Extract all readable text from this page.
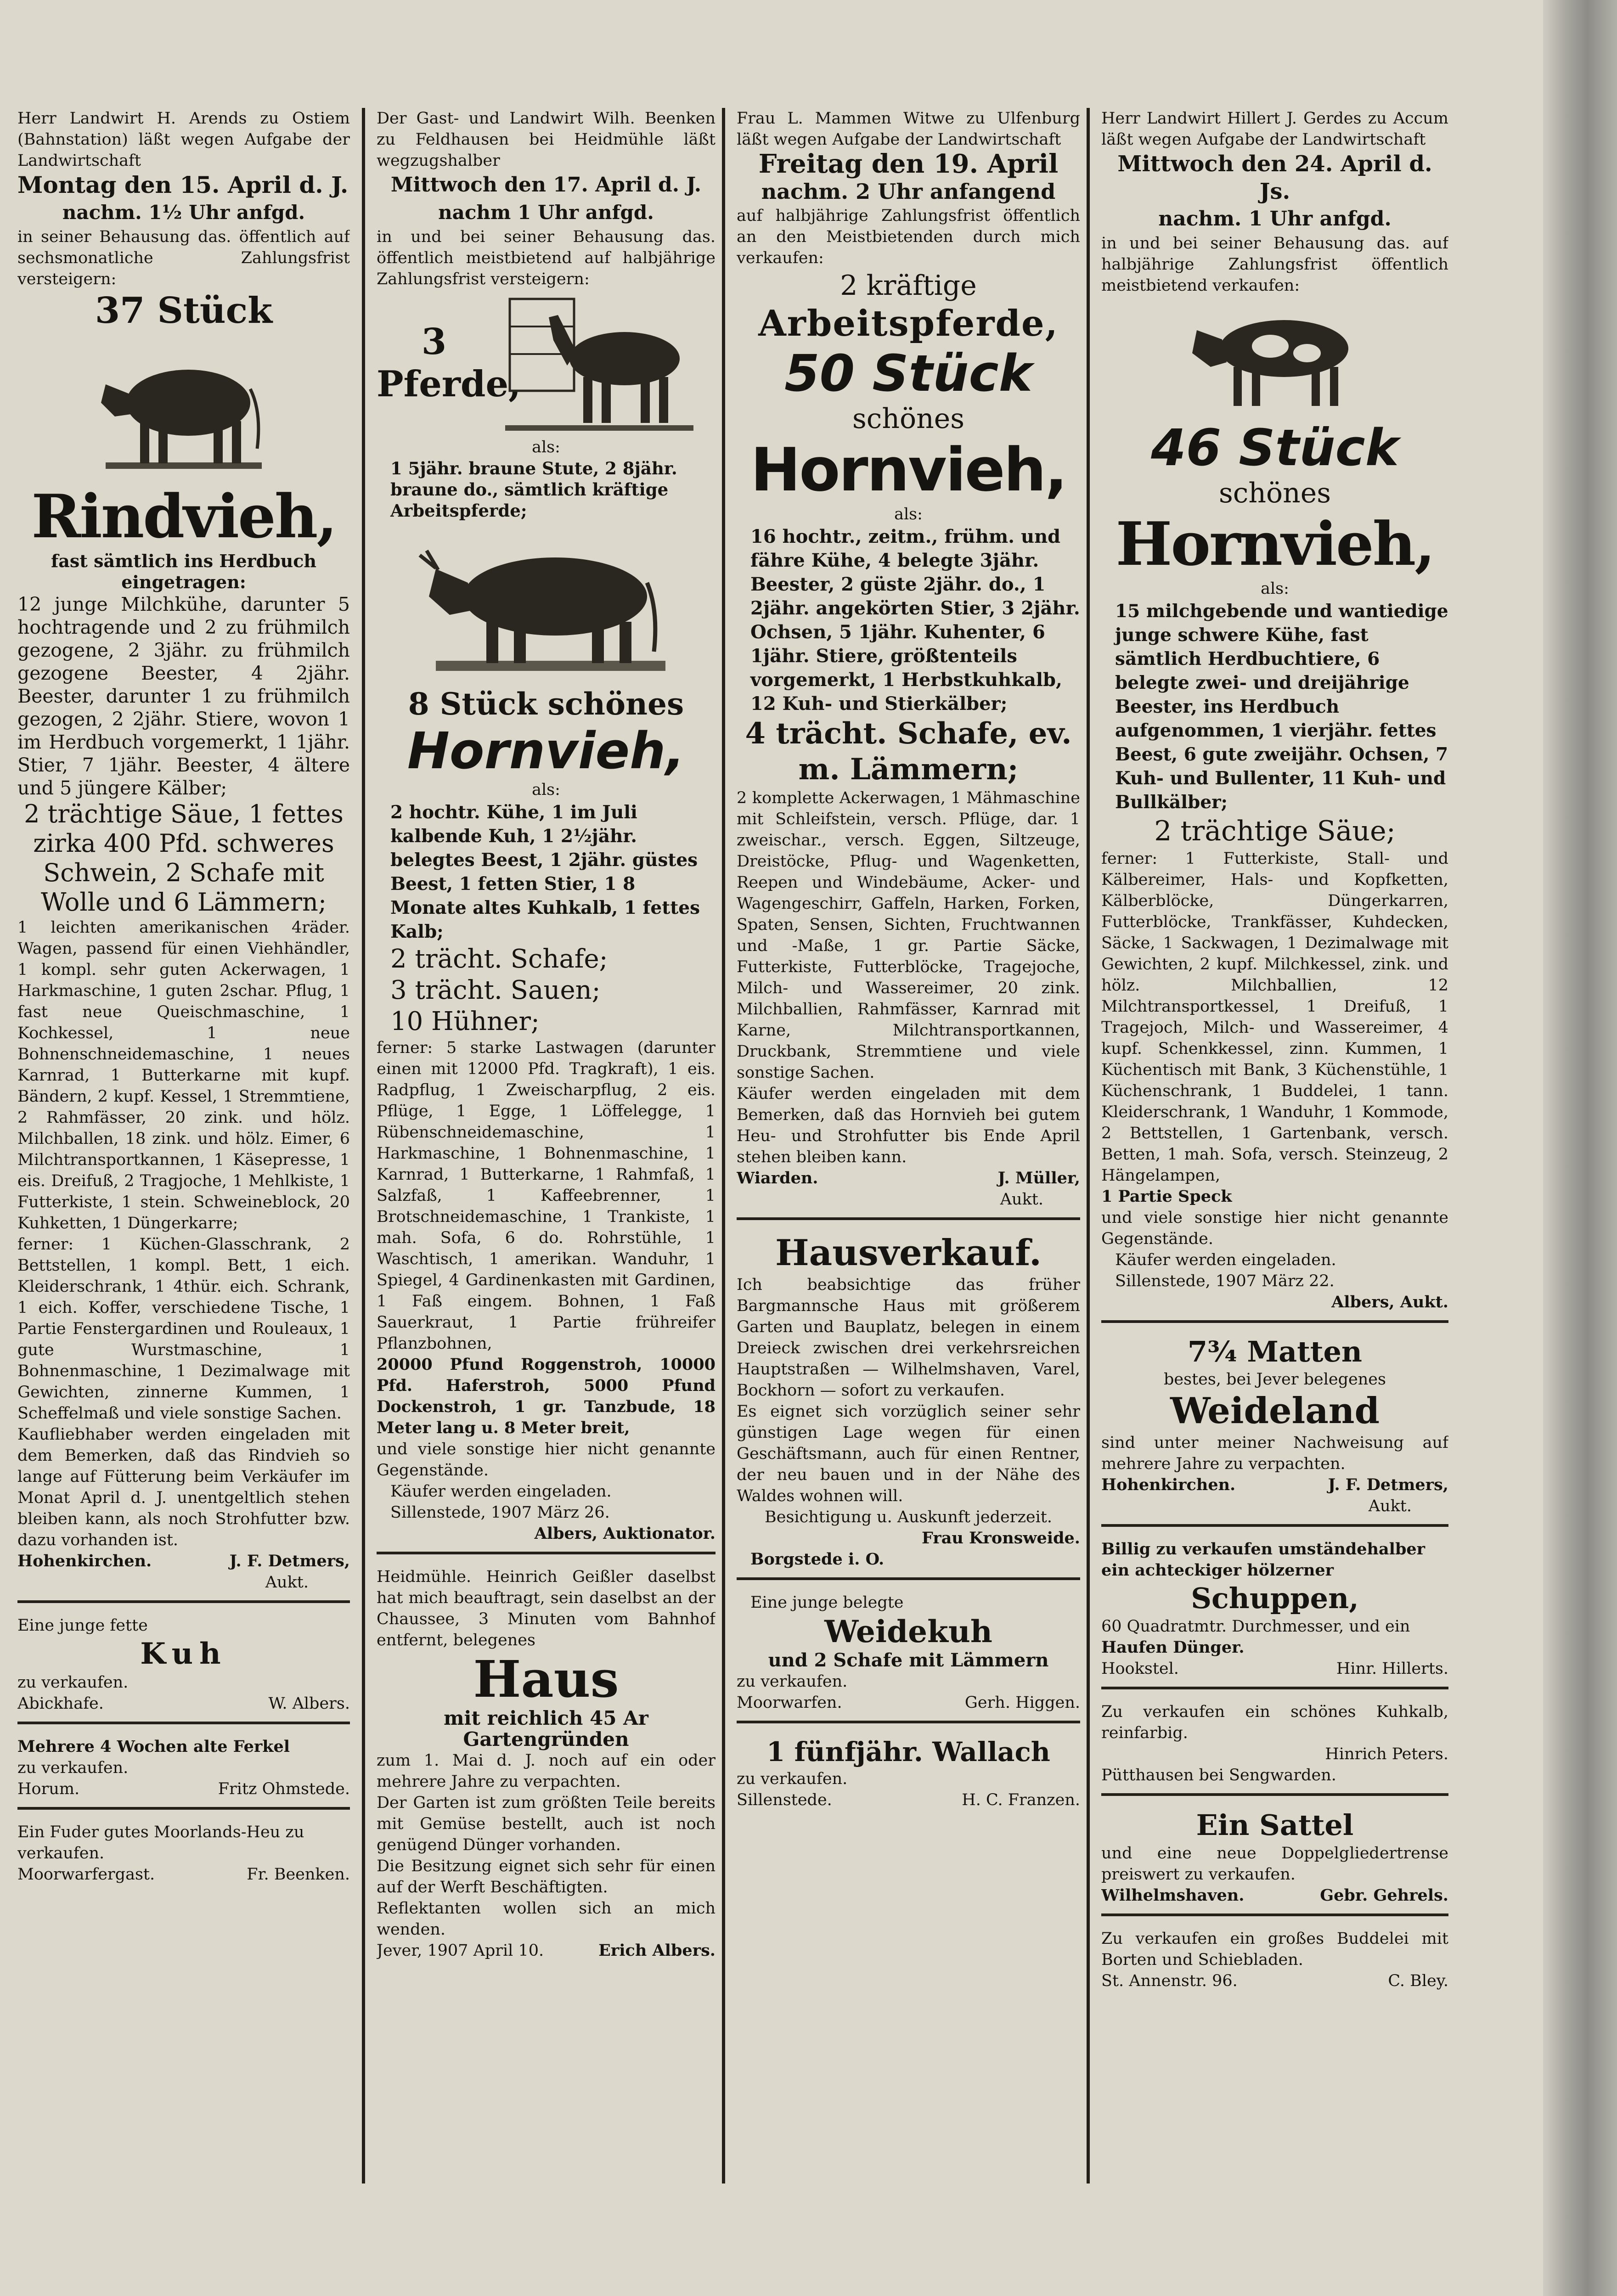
Herr Landwirt H. Arends zu Ostiem (Bahnstation) läßt wegen Aufgabe der Landwirtschaft

Montag den 15. April d. J.

nachm. 1½ Uhr anfgd.

in seiner Behausung das. öffentlich auf sechsmonatliche Zahlungsfrist versteigern:

37 Stück

Rindvieh,

fast sämtlich ins Herdbuch eingetragen:

12 junge Milchkühe, darunter 5 hochtragende und 2 zu frühmilch gezogene, 2 3jähr. zu frühmilch gezogene Beester, 4 2jähr. Beester, darunter 1 zu frühmilch gezogen, 2 2jähr. Stiere, wovon 1 im Herdbuch vorgemerkt, 1 1jähr. Stier, 7 1jähr. Beester, 4 ältere und 5 jüngere Kälber;

2 trächtige Säue, 1 fettes zirka 400 Pfd. schweres Schwein, 2 Schafe mit Wolle und 6 Lämmern;

1 leichten amerikanischen 4räder. Wagen, passend für einen Viehhändler, 1 kompl. sehr guten Ackerwagen, 1 Harkmaschine, 1 guten 2schar. Pflug, 1 fast neue Queischmaschine, 1 Kochkessel, 1 neue Bohnenschneidemaschine, 1 neues Karnrad, 1 Butterkarne mit kupf. Bändern, 2 kupf. Kessel, 1 Stremmtiene, 2 Rahmfässer, 20 zink. und hölz. Milchballen, 18 zink. und hölz. Eimer, 6 Milchtransportkannen, 1 Käsepresse, 1 eis. Dreifuß, 2 Tragjoche, 1 Mehlkiste, 1 Futterkiste, 1 stein. Schweineblock, 20 Kuhketten, 1 Düngerkarre;

ferner: 1 Küchen-Glasschrank, 2 Bettstellen, 1 kompl. Bett, 1 eich. Kleiderschrank, 1 4thür. eich. Schrank, 1 eich. Koffer, verschiedene Tische, 1 Partie Fenstergardinen und Rouleaux, 1 gute Wurstmaschine, 1 Bohnenmaschine, 1 Dezimalwage mit Gewichten, zinnerne Kummen, 1 Scheffelmaß und viele sonstige Sachen.

Kaufliebhaber werden eingeladen mit dem Bemerken, daß das Rindvieh so lange auf Fütterung beim Verkäufer im Monat April d. J. unentgeltlich stehen bleiben kann, als noch Strohfutter bzw. dazu vorhanden ist.

Hohenkirchen.	J. F. Detmers,

Aukt.

Eine junge fette

Kuh

zu verkaufen.

Abickhafe.	W. Albers.

Mehrere 4 Wochen alte Ferkel

zu verkaufen.

Horum.	Fritz Ohmstede.

Ein Fuder gutes Moorlands-Heu zu verkaufen.

Moorwarfergast.	Fr. Beenken.

Der Gast- und Landwirt Wilh. Beenken zu Feldhausen bei Heidmühle läßt wegzugshalber

Mittwoch den 17. April d. J.

nachm 1 Uhr anfgd.

in und bei seiner Behausung das. öffentlich meistbietend auf halbjährige Zahlungsfrist versteigern:

3

Pferde,

als:

1 5jähr. braune Stute, 2 8jähr. braune do., sämtlich kräftige Arbeitspferde;

8 Stück schönes

Hornvieh,

als:

2 hochtr. Kühe, 1 im Juli kalbende Kuh, 1 2½jähr. belegtes Beest, 1 2jähr. güstes Beest, 1 fetten Stier, 1 8 Monate altes Kuhkalb, 1 fettes Kalb;

2 trächt. Schafe;

3 trächt. Sauen;

10 Hühner;

ferner: 5 starke Lastwagen (darunter einen mit 12000 Pfd. Tragkraft), 1 eis. Radpflug, 1 Zweischarpflug, 2 eis. Pflüge, 1 Egge, 1 Löffelegge, 1 Rübenschneidemaschine, 1 Harkmaschine, 1 Bohnenmaschine, 1 Karnrad, 1 Butterkarne, 1 Rahmfaß, 1 Salzfaß, 1 Kaffeebrenner, 1 Brotschneidemaschine, 1 Trankiste, 1 mah. Sofa, 6 do. Rohrstühle, 1 Waschtisch, 1 amerikan. Wanduhr, 1 Spiegel, 4 Gardinenkasten mit Gardinen, 1 Faß eingem. Bohnen, 1 Faß Sauerkraut, 1 Partie frühreifer Pflanzbohnen,

20000 Pfund Roggenstroh, 10000 Pfd. Haferstroh, 5000 Pfund Dockenstroh, 1 gr. Tanzbude, 18 Meter lang u. 8 Meter breit,

und viele sonstige hier nicht genannte Gegenstände.

Käufer werden eingeladen.

Sillenstede, 1907 März 26.

Albers, Auktionator.

Heidmühle. Heinrich Geißler daselbst hat mich beauftragt, sein daselbst an der Chaussee, 3 Minuten vom Bahnhof entfernt, belegenes

Haus

mit reichlich 45 Ar Gartengründen

zum 1. Mai d. J. noch auf ein oder mehrere Jahre zu verpachten.

Der Garten ist zum größten Teile bereits mit Gemüse bestellt, auch ist noch genügend Dünger vorhanden.

Die Besitzung eignet sich sehr für einen auf der Werft Beschäftigten.

Reflektanten wollen sich an mich wenden.

Jever, 1907 April 10.	Erich Albers.

Frau L. Mammen Witwe zu Ulfenburg läßt wegen Aufgabe der Landwirtschaft

Freitag den 19. April

nachm. 2 Uhr anfangend

auf halbjährige Zahlungsfrist öffentlich an den Meistbietenden durch mich verkaufen:

2 kräftige

Arbeitspferde,

50 Stück

schönes

Hornvieh,

als:

16 hochtr., zeitm., frühm. und fähre Kühe, 4 belegte 3jähr. Beester, 2 güste 2jähr. do., 1 2jähr. angekörten Stier, 3 2jähr. Ochsen, 5 1jähr. Kuhenter, 6 1jähr. Stiere, größtenteils vorgemerkt, 1 Herbstkuhkalb, 12 Kuh- und Stierkälber;

4 trächt. Schafe, ev. m. Lämmern;

2 komplette Ackerwagen, 1 Mähmaschine mit Schleifstein, versch. Pflüge, dar. 1 zweischar., versch. Eggen, Siltzeuge, Dreistöcke, Pflug- und Wagenketten, Reepen und Windebäume, Acker- und Wagengeschirr, Gaffeln, Harken, Forken, Spaten, Sensen, Sichten, Fruchtwannen und -Maße, 1 gr. Partie Säcke, Futterkiste, Futterblöcke, Tragejoche, Milch- und Wassereimer, 20 zink. Milchballien, Rahmfässer, Karnrad mit Karne, Milchtransportkannen, Druckbank, Stremmtiene und viele sonstige Sachen.

Käufer werden eingeladen mit dem Bemerken, daß das Hornvieh bei gutem Heu- und Strohfutter bis Ende April stehen bleiben kann.

Wiarden.	J. Müller,

Aukt.

Hausverkauf.

Ich beabsichtige das früher Bargmannsche Haus mit größerem Garten und Bauplatz, belegen in einem Dreieck zwischen drei verkehrsreichen Hauptstraßen — Wilhelmshaven, Varel, Bockhorn — sofort zu verkaufen.

Es eignet sich vorzüglich seiner sehr günstigen Lage wegen für einen Geschäftsmann, auch für einen Rentner, der neu bauen und in der Nähe des Waldes wohnen will.

Besichtigung u. Auskunft jederzeit.

Frau Kronsweide.

Borgstede i. O.

Eine junge belegte

Weidekuh

und 2 Schafe mit Lämmern

zu verkaufen.

Moorwarfen.	Gerh. Higgen.

1 fünfjähr. Wallach

zu verkaufen.

Sillenstede.	H. C. Franzen.

Herr Landwirt Hillert J. Gerdes zu Accum läßt wegen Aufgabe der Landwirtschaft

Mittwoch den 24. April d. Js.

nachm. 1 Uhr anfgd.

in und bei seiner Behausung das. auf halbjährige Zahlungsfrist öffentlich meistbietend verkaufen:

46 Stück

schönes

Hornvieh,

als:

15 milchgebende und wantiedige junge schwere Kühe, fast sämtlich Herdbuchtiere, 6 belegte zwei- und dreijährige Beester, ins Herdbuch aufgenommen, 1 vierjähr. fettes Beest, 6 gute zweijähr. Ochsen, 7 Kuh- und Bullenter, 11 Kuh- und Bullkälber;

2 trächtige Säue;

ferner: 1 Futterkiste, Stall- und Kälbereimer, Hals- und Kopfketten, Kälberblöcke, Düngerkarren, Futterblöcke, Trankfässer, Kuhdecken, Säcke, 1 Sackwagen, 1 Dezimalwage mit Gewichten, 2 kupf. Milchkessel, zink. und hölz. Milchballien, 12 Milchtransportkessel, 1 Dreifuß, 1 Tragejoch, Milch- und Wassereimer, 4 kupf. Schenkkessel, zinn. Kummen, 1 Küchentisch mit Bank, 3 Küchenstühle, 1 Küchenschrank, 1 Buddelei, 1 tann. Kleiderschrank, 1 Wanduhr, 1 Kommode, 2 Bettstellen, 1 Gartenbank, versch. Betten, 1 mah. Sofa, versch. Steinzeug, 2 Hängelampen,

1 Partie Speck

und viele sonstige hier nicht genannte Gegenstände.

Käufer werden eingeladen.

Sillenstede, 1907 März 22.

Albers, Aukt.

7¾ Matten

bestes, bei Jever belegenes

Weideland

sind unter meiner Nachweisung auf mehrere Jahre zu verpachten.

Hohenkirchen.	J. F. Detmers,

Aukt.

Billig zu verkaufen umständehalber ein achteckiger hölzerner

Schuppen,

60 Quadratmtr. Durchmesser, und ein

Haufen Dünger.

Hookstel.	Hinr. Hillerts.

Zu verkaufen ein schönes Kuhkalb, reinfarbig.

Hinrich Peters.

Pütthausen bei Sengwarden.

Ein Sattel

und eine neue Doppelgliedertrense preiswert zu verkaufen.

Wilhelmshaven.	Gebr. Gehrels.

Zu verkaufen ein großes Buddelei mit Borten und Schiebladen.

St. Annenstr. 96.	C. Bley.
